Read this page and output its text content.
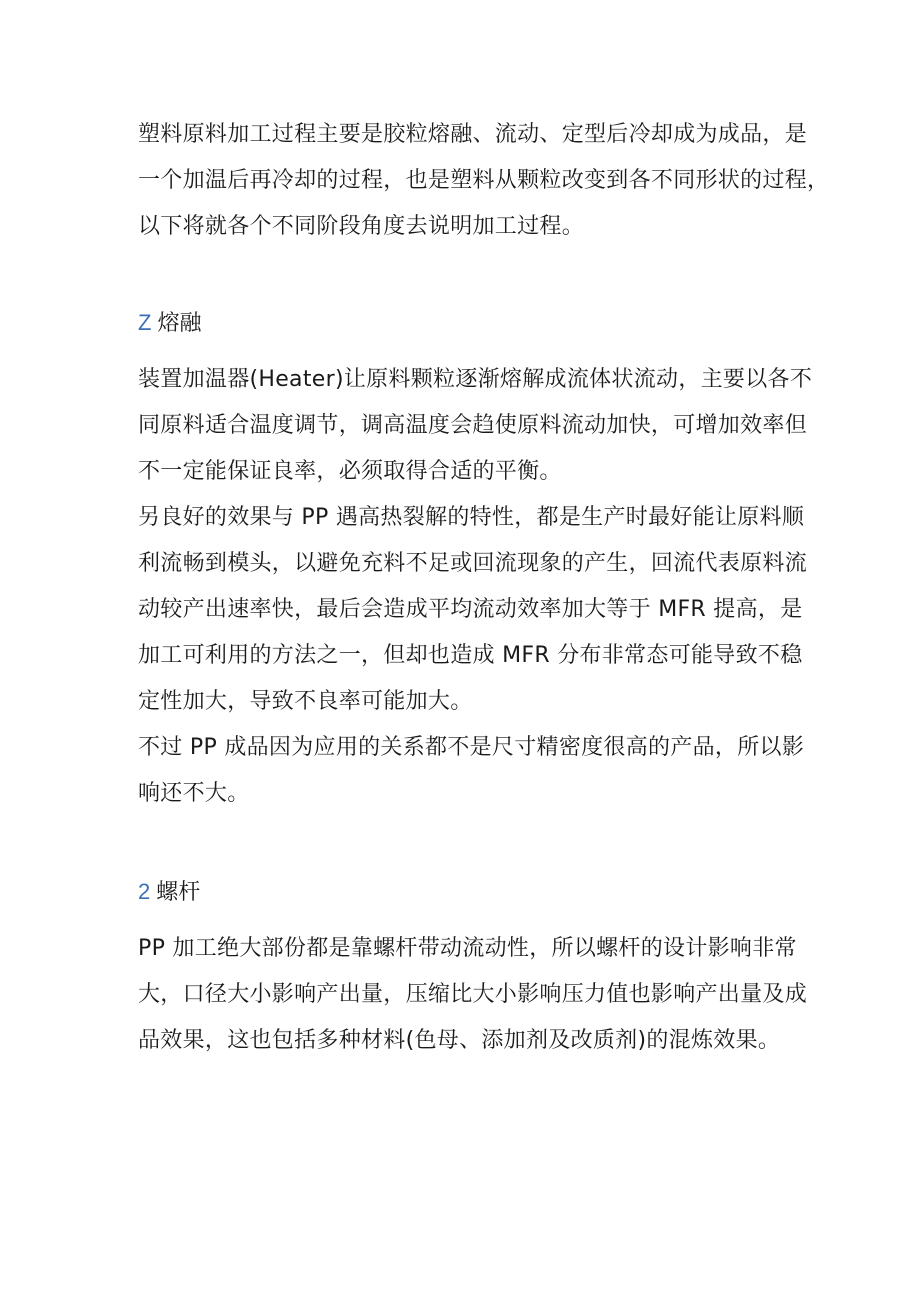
塑料原料加工过程主要是胶粒熔融、流动、定型后冷却成为成品，是
一个加温后再冷却的过程，也是塑料从颗粒改变到各不同形状的过程，
以下将就各个不同阶段角度去说明加工过程。

Z 熔融

装置加温器(Heater)让原料颗粒逐渐熔解成流体状流动，主要以各不
同原料适合温度调节，调高温度会趋使原料流动加快，可增加效率但
不一定能保证良率，必须取得合适的平衡。

另良好的效果与 PP 遇高热裂解的特性，都是生产时最好能让原料顺
利流畅到模头，以避免充料不足或回流现象的产生，回流代表原料流
动较产出速率快，最后会造成平均流动效率加大等于 MFR 提高，是
加工可利用的方法之一，但却也造成 MFR 分布非常态可能导致不稳
定性加大，导致不良率可能加大。

不过 PP 成品因为应用的关系都不是尺寸精密度很高的产品，所以影
响还不大。

2 螺杆

PP 加工绝大部份都是靠螺杆带动流动性，所以螺杆的设计影响非常
大，口径大小影响产出量，压缩比大小影响压力值也影响产出量及成
品效果，这也包括多种材料(色母、添加剂及改质剂)的混炼效果。
